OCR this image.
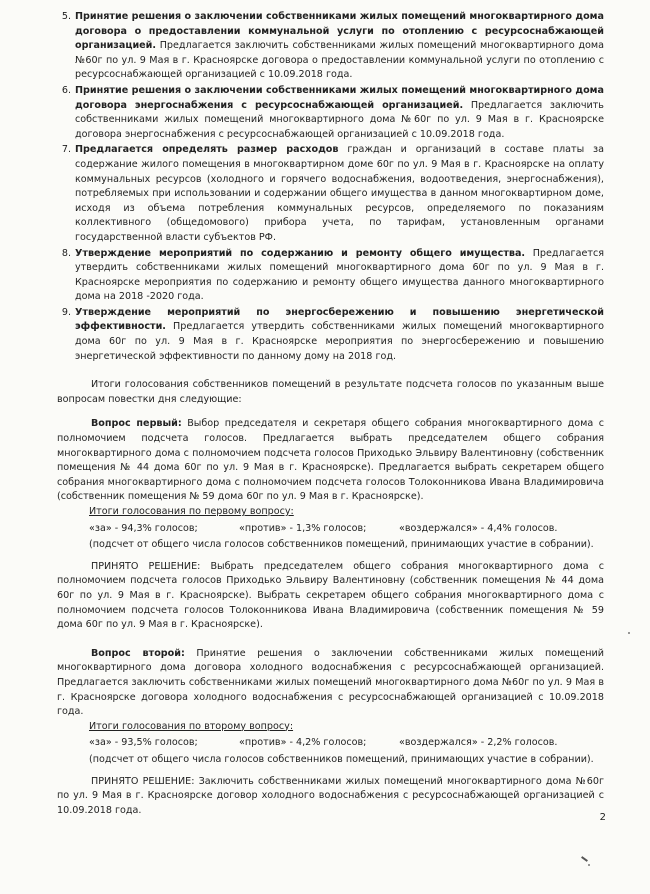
5. Принятие решения о заключении собственниками жилых помещений многоквартирного дома договора о предоставлении коммунальной услуги по отоплению с ресурсоснабжающей организацией. Предлагается заключить собственниками жилых помещений многоквартирного дома №60г по ул. 9 Мая в г. Красноярске договора о предоставлении коммунальной услуги по отоплению с ресурсоснабжающей организацией с 10.09.2018 года.
6. Принятие решения о заключении собственниками жилых помещений многоквартирного дома договора энергоснабжения с ресурсоснабжающей организацией. Предлагается заключить собственниками жилых помещений многоквартирного дома №60г по ул. 9 Мая в г. Красноярске договора энергоснабжения с ресурсоснабжающей организацией с 10.09.2018 года.
7. Предлагается определять размер расходов граждан и организаций в составе платы за содержание жилого помещения в многоквартирном доме 60г по ул. 9 Мая в г. Красноярске на оплату коммунальных ресурсов (холодного и горячего водоснабжения, водоотведения, энергоснабжения), потребляемых при использовании и содержании общего имущества в данном многоквартирном доме, исходя из объема потребления коммунальных ресурсов, определяемого по показаниям коллективного (общедомового) прибора учета, по тарифам, установленным органами государственной власти субъектов РФ.
8. Утверждение мероприятий по содержанию и ремонту общего имущества. Предлагается утвердить собственниками жилых помещений многоквартирного дома 60г по ул. 9 Мая в г. Красноярске мероприятия по содержанию и ремонту общего имущества данного многоквартирного дома на 2018 -2020 года.
9. Утверждение мероприятий по энергосбережению и повышению энергетической эффективности. Предлагается утвердить собственниками жилых помещений многоквартирного дома 60г по ул. 9 Мая в г. Красноярске мероприятия по энергосбережению и повышению энергетической эффективности по данному дому на 2018 год.

Итоги голосования собственников помещений в результате подсчета голосов по указанным выше вопросам повестки дня следующие:

Вопрос первый: Выбор председателя и секретаря общего собрания многоквартирного дома с полномочием подсчета голосов. Предлагается выбрать председателем общего собрания многоквартирного дома с полномочием подсчета голосов Приходько Эльвиру Валентиновну (собственник помещения № 44 дома 60г по ул. 9 Мая в г. Красноярске). Предлагается выбрать секретарем общего собрания многоквартирного дома с полномочием подсчета голосов Толоконникова Ивана Владимировича (собственник помещения № 59 дома 60г по ул. 9 Мая в г. Красноярске).

Итоги голосования по первому вопросу:

«за» - 94,3% голосов;	«против» - 1,3% голосов;	«воздержался» - 4,4% голосов.

(подсчет от общего числа голосов собственников помещений, принимающих участие в собрании).

ПРИНЯТО РЕШЕНИЕ: Выбрать председателем общего собрания многоквартирного дома с полномочием подсчета голосов Приходько Эльвиру Валентиновну (собственник помещения № 44 дома 60г по ул. 9 Мая в г. Красноярске). Выбрать секретарем общего собрания многоквартирного дома с полномочием подсчета голосов Толоконникова Ивана Владимировича (собственник помещения № 59 дома 60г по ул. 9 Мая в г. Красноярске).

Вопрос второй: Принятие решения о заключении собственниками жилых помещений многоквартирного дома договора холодного водоснабжения с ресурсоснабжающей организацией. Предлагается заключить собственниками жилых помещений многоквартирного дома №60г по ул. 9 Мая в г. Красноярске договора холодного водоснабжения с ресурсоснабжающей организацией с 10.09.2018 года.

Итоги голосования по второму вопросу:

«за» - 93,5% голосов;	«против» - 4,2% голосов;	«воздержался» - 2,2% голосов.

(подсчет от общего числа голосов собственников помещений, принимающих участие в собрании).

ПРИНЯТО РЕШЕНИЕ: Заключить собственниками жилых помещений многоквартирного дома №60г по ул. 9 Мая в г. Красноярске договор холодного водоснабжения с ресурсоснабжающей организацией с 10.09.2018 года.

2
